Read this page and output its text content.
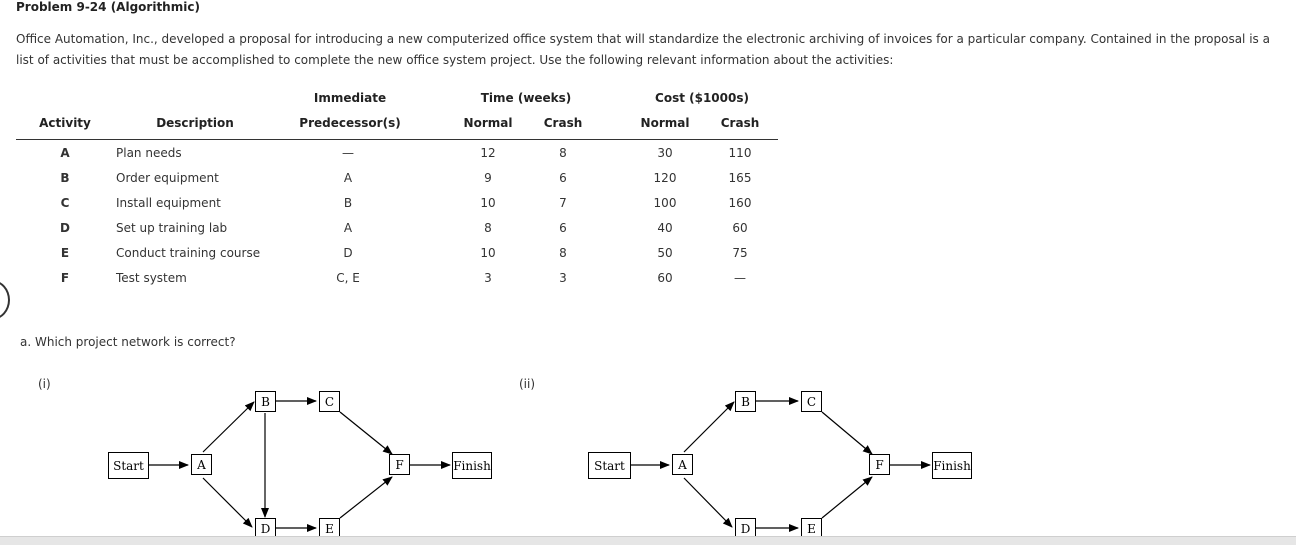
Problem 9-24 (Algorithmic)
Office Automation, Inc., developed a proposal for introducing a new computerized office system that will standardize the electronic archiving of invoices for a particular company. Contained in the proposal is a list of activities that must be accomplished to complete the new office system project. Use the following relevant information about the activities:
Immediate	Time (weeks)	Cost ($1000s)
Activity	Description	Predecessor(s)	Normal	Crash	Normal	Crash
A	Plan needs	—	12	8	30	110
B	Order equipment	A	9	6	120	165
C	Install equipment	B	10	7	100	160
D	Set up training lab	A	8	6	40	60
E	Conduct training course	D	10	8	50	75
F	Test system	C, E	3	3	60	—
a. Which project network is correct?
(i)
Start	A
B	C
D	E
F	Finish
(ii)
Start	A
B	C
D	E
F	Finish
